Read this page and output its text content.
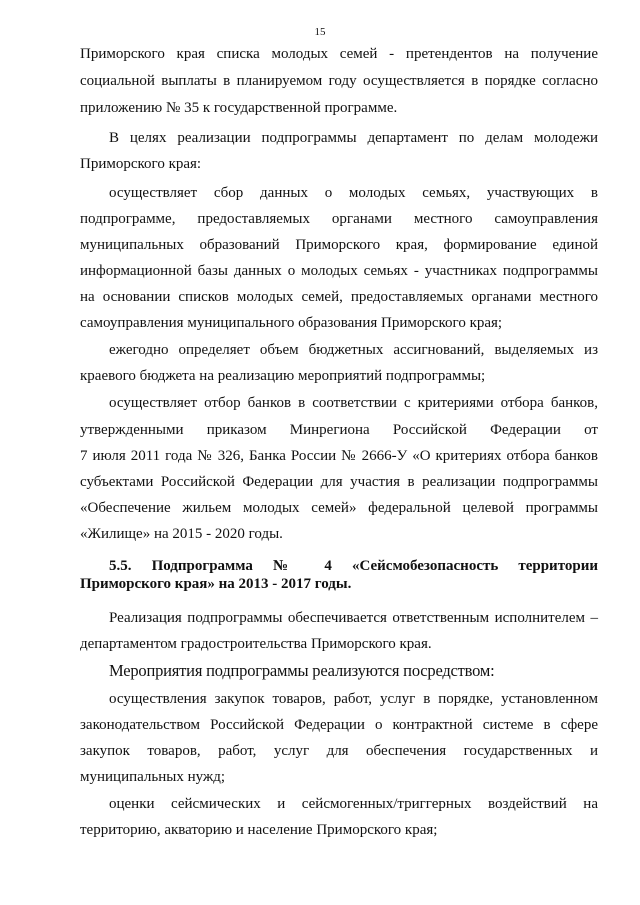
15
Приморского края списка молодых семей - претендентов на получение
социальной выплаты в планируемом году осуществляется в порядке согласно
приложению № 35 к государственной программе.
В целях реализации подпрограммы департамент по делам молодежи
Приморского края:
осуществляет сбор данных о молодых семьях, участвующих в
подпрограмме, предоставляемых органами местного самоуправления
муниципальных образований Приморского края, формирование единой
информационной базы данных о молодых семьях - участниках подпрограммы
на основании списков молодых семей, предоставляемых органами местного
самоуправления муниципального образования Приморского края;
ежегодно определяет объем бюджетных ассигнований, выделяемых из
краевого бюджета на реализацию мероприятий подпрограммы;
осуществляет отбор банков в соответствии с критериями отбора банков,
утвержденными приказом Минрегиона Российской Федерации от
7 июля 2011 года № 326, Банка России № 2666-У «О критериях отбора банков
субъектами Российской Федерации для участия в реализации подпрограммы
«Обеспечение жильем молодых семей» федеральной целевой программы
«Жилище» на 2015 - 2020 годы.
5.5. Подпрограмма № 4 «Сейсмобезопасность территории
Приморского края» на 2013 - 2017 годы.
Реализация подпрограммы обеспечивается ответственным исполнителем –
департаментом градостроительства Приморского края.
Мероприятия подпрограммы реализуются посредством:
осуществления закупок товаров, работ, услуг в порядке, установленном
законодательством Российской Федерации о контрактной системе в сфере
закупок товаров, работ, услуг для обеспечения государственных и
муниципальных нужд;
оценки сейсмических и сейсмогенных/триггерных воздействий на
территорию, акваторию и население Приморского края;
